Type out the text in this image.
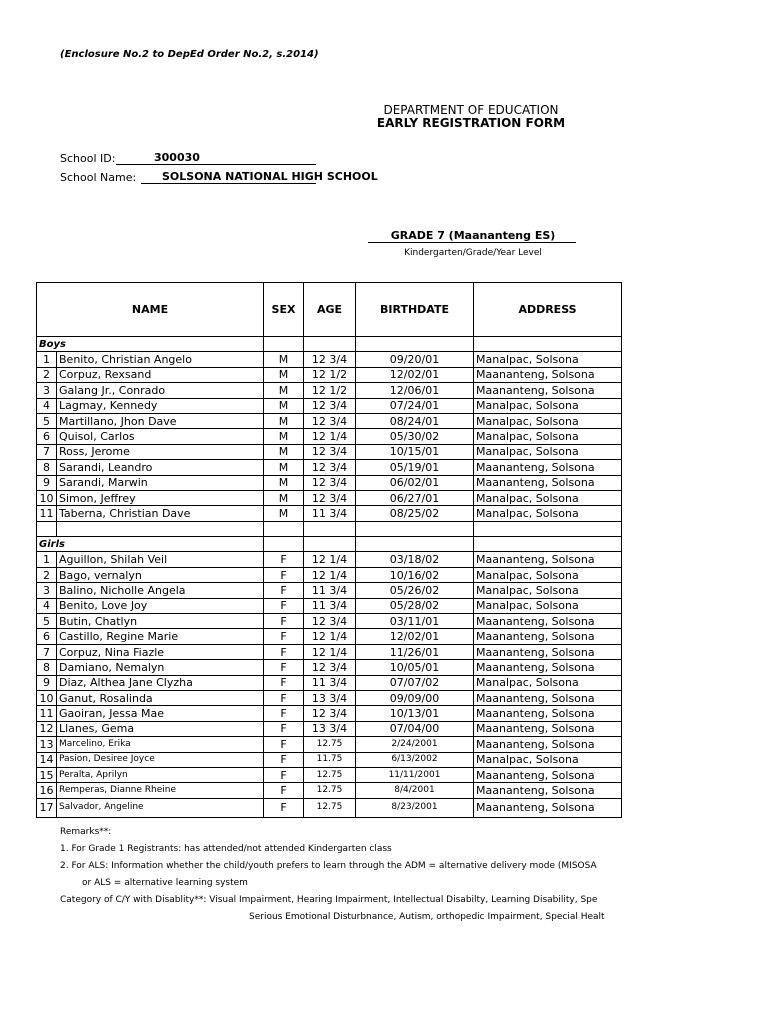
(Enclosure No.2 to DepEd Order No.2, s.2014)
DEPARTMENT OF EDUCATION
EARLY REGISTRATION FORM
School ID:	300030
School Name: SOLSONA NATIONAL HIGH SCHOOL
GRADE 7 (Maananteng ES)
Kindergarten/Grade/Year Level
NAME		SEX	AGE	BIRTHDATE	ADDRESS
Boys					
1	Benito, Christian Angelo	M	12 3/4	09/20/01	Manalpac, Solsona
2	Corpuz, Rexsand	M	12 1/2	12/02/01	Maananteng, Solsona
3	Galang Jr., Conrado	M	12 1/2	12/06/01	Maananteng, Solsona
4	Lagmay, Kennedy	M	12 3/4	07/24/01	Manalpac, Solsona
5	Martillano, Jhon Dave	M	12 3/4	08/24/01	Manalpac, Solsona
6	Quisol, Carlos	M	12 1/4	05/30/02	Manalpac, Solsona
7	Ross, Jerome	M	12 3/4	10/15/01	Manalpac, Solsona
8	Sarandi, Leandro	M	12 3/4	05/19/01	Maananteng, Solsona
9	Sarandi, Marwin	M	12 3/4	06/02/01	Maananteng, Solsona
10	Simon, Jeffrey	M	12 3/4	06/27/01	Manalpac, Solsona
11	Taberna, Christian Dave	M	11 3/4	08/25/02	Manalpac, Solsona

Girls					
1	Aguillon, Shilah Veil	F	12 1/4	03/18/02	Maananteng, Solsona
2	Bago, vernalyn	F	12 1/4	10/16/02	Manalpac, Solsona
3	Balino, Nicholle Angela	F	11 3/4	05/26/02	Manalpac, Solsona
4	Benito, Love Joy	F	11 3/4	05/28/02	Manalpac, Solsona
5	Butin, Chatlyn	F	12 3/4	03/11/01	Maananteng, Solsona
6	Castillo, Regine Marie	F	12 1/4	12/02/01	Maananteng, Solsona
7	Corpuz, Nina Fiazle	F	12 1/4	11/26/01	Maananteng, Solsona
8	Damiano, Nemalyn	F	12 3/4	10/05/01	Maananteng, Solsona
9	Diaz, Althea Jane Clyzha	F	11 3/4	07/07/02	Manalpac, Solsona
10	Ganut, Rosalinda	F	13 3/4	09/09/00	Maananteng, Solsona
11	Gaoiran, Jessa Mae	F	12 3/4	10/13/01	Maananteng, Solsona
12	Llanes, Gema	F	13 3/4	07/04/00	Maananteng, Solsona
13	Marcelino, Erika	F	12.75	2/24/2001	Maananteng, Solsona
14	Pasion, Desiree Joyce	F	11.75	6/13/2002	Manalpac, Solsona
15	Peralta, Aprilyn	F	12.75	11/11/2001	Maananteng, Solsona
16	Remperas, Dianne Rheine	F	12.75	8/4/2001	Maananteng, Solsona
17	Salvador, Angeline	F	12.75	8/23/2001	Maananteng, Solsona
Remarks**:
1. For Grade 1 Registrants: has attended/not attended Kindergarten class
2. For ALS: Information whether the child/youth prefers to learn through the ADM = alternative delivery mode (MISOSA
or ALS = alternative learning system
Category of C/Y with Disablity**: Visual Impairment, Hearing Impairment, Intellectual Disabilty, Learning Disability, Spe
Serious Emotional Disturbnance, Autism, orthopedic Impairment, Special Healt
